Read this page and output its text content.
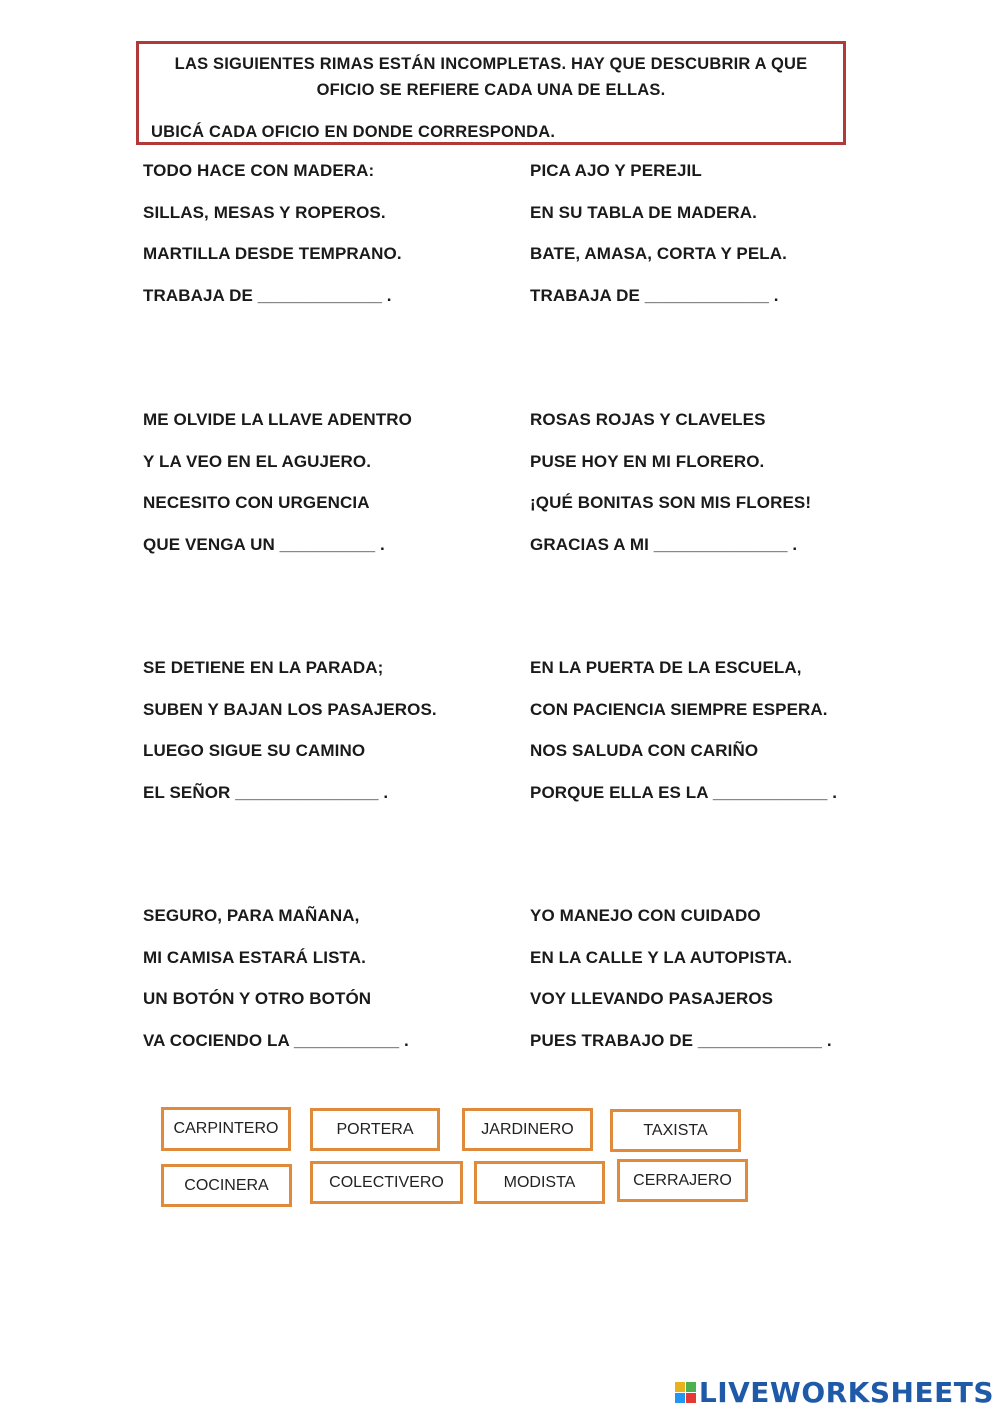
LAS SIGUIENTES RIMAS ESTÁN INCOMPLETAS. HAY QUE DESCUBRIR A QUE
OFICIO SE REFIERE CADA UNA DE ELLAS.
UBICÁ CADA OFICIO EN DONDE CORRESPONDA.
TODO HACE CON MADERA:
SILLAS, MESAS Y ROPEROS.
MARTILLA DESDE TEMPRANO.
TRABAJA DE _____________ .
PICA AJO Y PEREJIL
EN SU TABLA DE MADERA.
BATE, AMASA, CORTA Y PELA.
TRABAJA DE _____________ .
ME OLVIDE LA LLAVE ADENTRO
Y LA VEO EN EL AGUJERO.
NECESITO CON URGENCIA
QUE VENGA UN __________ .
ROSAS ROJAS Y CLAVELES
PUSE HOY EN MI FLORERO.
¡QUÉ BONITAS SON MIS FLORES!
GRACIAS A MI ______________ .
SE DETIENE EN LA PARADA;
SUBEN Y BAJAN LOS PASAJEROS.
LUEGO SIGUE SU CAMINO
EL SEÑOR _______________ .
EN LA PUERTA DE LA ESCUELA,
CON PACIENCIA SIEMPRE ESPERA.
NOS SALUDA CON CARIÑO
PORQUE ELLA ES LA ____________ .
SEGURO, PARA MAÑANA,
MI CAMISA ESTARÁ LISTA.
UN BOTÓN Y OTRO BOTÓN
VA COCIENDO LA ___________ .
YO MANEJO CON CUIDADO
EN LA CALLE Y LA AUTOPISTA.
VOY LLEVANDO PASAJEROS
PUES TRABAJO DE _____________ .
CARPINTERO	PORTERA	JARDINERO	TAXISTA
COCINERA	COLECTIVERO	MODISTA	CERRAJERO
LIVEWORKSHEETS
